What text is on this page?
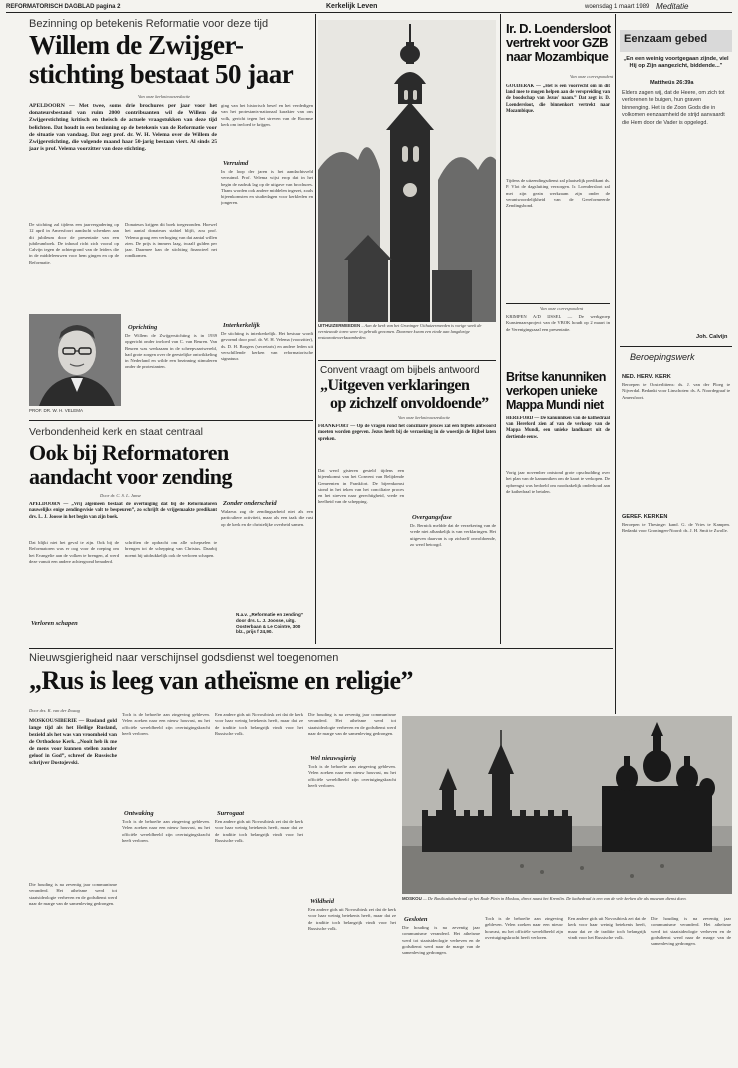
REFORMATORISCH DAGBLAD pagina 2	Kerkelijk Leven	woensdag 1 maart 1989 Meditatie
Bezinning op betekenis Reformatie voor deze tijd
Willem de Zwijger-
stichting bestaat 50 jaar
Van onze kerknieuwsredactie
APELDOORN — Met twee, soms drie brochures per jaar voor het donateursbestand van ruim 2000 contribuanten wil de Willem de Zwijgerstichting kritisch en theisch de actuele vraagstukken van deze tijd belichten. Dat houdt in een bezinning op de betekenis van de Reformatie voor de situatie van vandaag. Dat zegt prof. dr. W. H. Velema over de Willem de Zwijgerstichting, die volgende maand haar 50-jarig bestaan viert. Al sinds 25 jaar is prof. Velema voorzitter van deze stichting.
De stichting zal tijdens een jaarvergadering op 12 april in Amersfoort aandacht schenken aan dit jubileum door de presentatie van een jubileumboek. De inhoud richt zich vooral op Calvijn tegen de achtergrond van de leiders die in de middeleeuwen voor hem gingen en op de Reformatie.
Donateurs krijgen dit boek toegezonden. Hoewel het aantal donateurs stabiel blijft, zou prof. Velema graag een verhoging van dat aantal willen zien. De prijs is immers laag, twaalf gulden per jaar. Daarmee kan de stichting financieel net rondkomen.
PROF. DR. W. H. VELEMA
Oprichting
De Willem de Zwijgerstichting is in 1939 opgericht onder invloed van C. van Beuren. Van Beuren was werkzaam in de scheepvaartwereld, had grote zorgen over de geestelijke ontwikkeling in Nederland en wilde een bezinning stimuleren onder de protestanten.
ging van het historisch besef en het verdedigen van het protestants-nationaal karakter van ons volk, gericht tegen het streven van de Roomse kerk om invloed te krijgen.
Verruimd
In de loop der jaren is het aandachtsveld verruimd. Prof. Velema wijst erop dat in het begin de nadruk lag op de uitgave van brochures. Thans worden ook andere middelen ingezet, zoals bijeenkomsten en studiedagen voor kerkleden en jongeren.
Interkerkelijk
De stichting is interkerkelijk. Het bestuur wordt gevormd door prof. dr. W. H. Velema (voorzitter), ds. D. H. Borgers (secretaris) en andere leden uit verschillende kerken van reformatorische signatuur.
UITHUIZERMEEDEN – Aan de kerk van het Groninger Uithuizermeeden is vorige week de vernieuwde toren weer in gebruik genomen. Daarmee kwam een einde aan langdurige restauratiewerkzaamheden.
Convent vraagt om bijbels antwoord
„Uitgeven verklaringen
op zichzelf onvoldoende”
Van onze kerknieuwsredactie
Ir. D. Loendersloot
vertrekt voor GZB
naar Mozambique
Van onze correspondent
GOUDERAK — „Het is een voorrecht om in dit land mee te mogen helpen aan de verspreiding van de boodschap van Jezus' naam.” Dat zegt ir. D. Loendersloot, die binnenkort vertrekt naar Mozambique.
Tijdens de uitzendingsdienst zal plaatselijk predikant ds. P. Vlot de dagsluiting verzorgen. Ir. Loendersloot zal met zijn gezin werkzaam zijn onder de verantwoordelijkheid van de Gereformeerde Zendingsbond.
Van onze correspondent
KRIMPEN A/D IJSSEL — De werkgroep Kunstenaarsproject van de VBOK houdt op 2 maart in de Verenigingszaal een presentatie.
Britse kanunniken
verkopen unieke
Mappa Mundi niet
HEREFORD — De kanunniken van de kathedraal van Hereford zien af van de verkoop van de Mappa Mundi, een unieke landkaart uit de dertiende eeuw.
Vorig jaar november ontstond grote opschudding over het plan van de kanunniken om de kaart te verkopen. De opbrengst was bedoeld om noodzakelijk onderhoud aan de kathedraal te betalen.
Eenzaam gebed
„En een weinig voortgegaan zijnde, viel Hij op Zijn aangezicht, biddende...”
Mattheüs 26:39a
Elders zagen wij, dat de Heere, om zich tot verlorenen te buigen, hun graven binnenging. Het is de Zoon Gods die in volkomen eenzaamheid de strijd aanvaardt die Hem door de Vader is opgelegd.
Joh. Calvijn
Beroepingswerk
NED. HERV. KERK
Beroepen te Oosterlittens: ds. J. van der Ploeg te Nijverdal. Bedankt voor Linschoten: ds. A. Noordegraaf te Amersfoort.
GEREF. KERKEN
Beroepen te Thesinge: kand. G. de Vries te Kampen. Bedankt voor Groningen-Noord: ds. J. H. Smit te Zwolle.
Verbondenheid kerk en staat centraal
Ook bij Reformatoren
aandacht voor zending
Door dr. C. S. L. Janse
APELDOORN — „Vrij algemeen bestaat de overtuiging dat bij de Reformatoren nauwelijks enige zendingsvisie valt te bespeuren”, zo schrijft de vrijgemaakte predikant drs. L. J. Joosse in het begin van zijn boek.
Dat blijkt niet het geval te zijn. Ook bij de Reformatoren was er oog voor de roeping om het Evangelie aan de volken te brengen, al werd deze vanuit een andere achtergrond benaderd.
Verloren schapen
schriften de opdracht om alle schepselen te brengen tot de schepping van Christus. Daarbij noemt hij uitdrukkelijk ook de verloren schapen.
Zonder onderscheid
Walaeus zag de zendingsarbeid niet als een particuliere activiteit, maar als een taak die rust op de kerk en de christelijke overheid samen.
N.a.v. „Reformatie en zending” door drs. L. J. Joosse, uitg. Oosterbaan & Le Cointre, 300 blz., prijs f 24,90.
FRANKFORT — Op de vragen rond het conciliaire proces zal een bijbels antwoord moeten worden gegeven. Jezus heeft bij de verzoeking in de woestijn de Bijbel laten spreken.
Dat werd gisteren gesteld tijdens een bijeenkomst van het Convent van Belijdende Gemeenten in Frankfort. De bijeenkomst stond in het teken van het conciliaire proces en het streven naar gerechtigheid, vrede en heelheid van de schepping.
Overgangsfase
Dr. Bernick meldde dat de verzekering van de vrede niet afhankelijk is van verklaringen. Het uitgeven daarvan is op zichzelf onvoldoende, zo werd betoogd.
Nieuwsgierigheid naar verschijnsel godsdienst wel toegenomen
„Rus is leeg van atheïsme en religie”
Door drs. K. van der Zwaag
MOSKOU/SIBERIE — Rusland gold lange tijd als het Heilige Rusland, bezield als het was van vroomheid van de Orthodoxe Kerk. „Nooit heb ik me de mens voor kunnen stellen zonder geloof in God”, schreef de Russische schrijver Dostojevski.
Die houding is na zeventig jaar communisme veranderd. Het atheïsme werd tot staatsideologie verheven en de godsdienst werd naar de marge van de samenleving gedrongen.
Toch is de behoefte aan zingeving gebleven. Velen zoeken naar een nieuw houvast, nu het officiële wereldbeeld zijn overtuigingskracht heeft verloren.
Ontwaking
Toch is de behoefte aan zingeving gebleven. Velen zoeken naar een nieuw houvast, nu het officiële wereldbeeld zijn overtuigingskracht heeft verloren.
Een andere gids uit Novosibirsk zei dat de kerk voor haar weinig betekenis heeft, maar dat ze de traditie toch belangrijk vindt voor het Russische volk.
Surrogaat
Een andere gids uit Novosibirsk zei dat de kerk voor haar weinig betekenis heeft, maar dat ze de traditie toch belangrijk vindt voor het Russische volk.
Die houding is na zeventig jaar communisme veranderd. Het atheïsme werd tot staatsideologie verheven en de godsdienst werd naar de marge van de samenleving gedrongen.
Wel nieuwsgierig
Toch is de behoefte aan zingeving gebleven. Velen zoeken naar een nieuw houvast, nu het officiële wereldbeeld zijn overtuigingskracht heeft verloren.
Wildheid
Een andere gids uit Novosibirsk zei dat de kerk voor haar weinig betekenis heeft, maar dat ze de traditie toch belangrijk vindt voor het Russische volk.
MOSKOU — De Basiliuskathedraal op het Rode Plein in Moskou, direct naast het Kremlin. De kathedraal is een van de vele kerken die als museum dienst doen.
Gesloten
Die houding is na zeventig jaar communisme veranderd. Het atheïsme werd tot staatsideologie verheven en de godsdienst werd naar de marge van de samenleving gedrongen.
Toch is de behoefte aan zingeving gebleven. Velen zoeken naar een nieuw houvast, nu het officiële wereldbeeld zijn overtuigingskracht heeft verloren.
Een andere gids uit Novosibirsk zei dat de kerk voor haar weinig betekenis heeft, maar dat ze de traditie toch belangrijk vindt voor het Russische volk.
Die houding is na zeventig jaar communisme veranderd. Het atheïsme werd tot staatsideologie verheven en de godsdienst werd naar de marge van de samenleving gedrongen.
